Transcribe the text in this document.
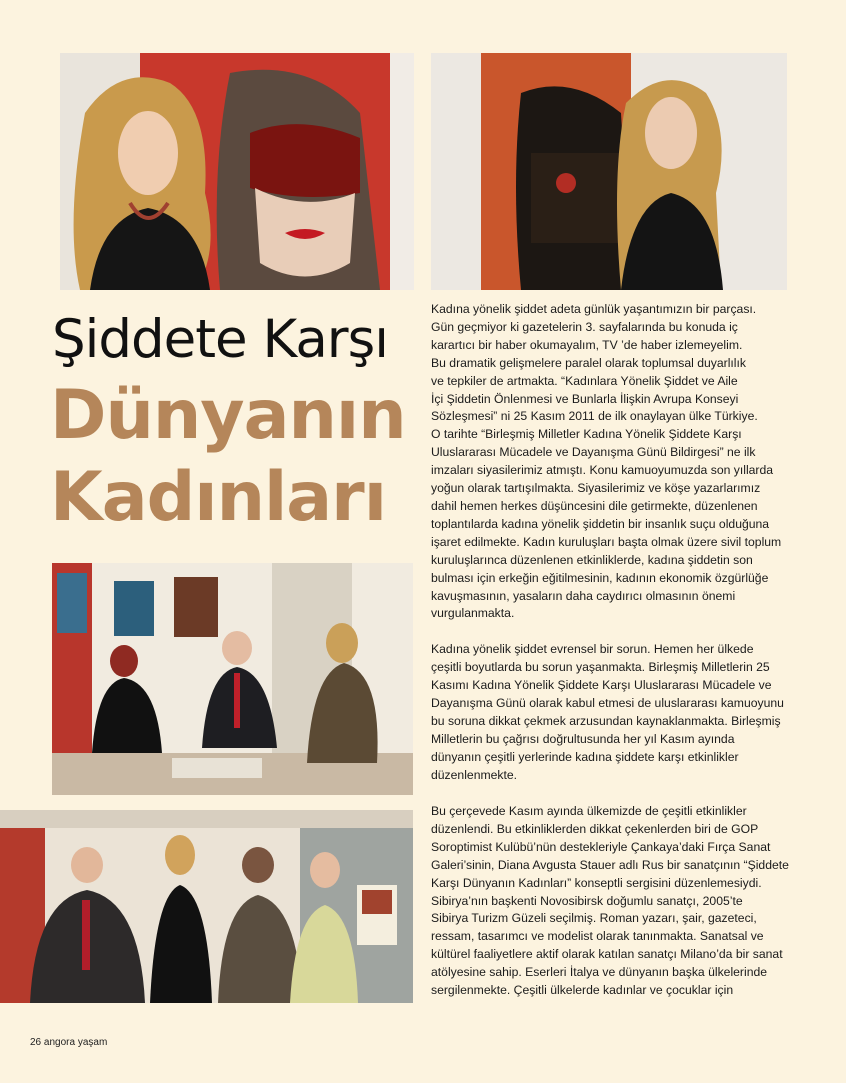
Şiddete Karşı
Dünyanın
Kadınları

Kadına yönelik şiddet adeta günlük yaşantımızın bir parçası.
Gün geçmiyor ki gazetelerin 3. sayfalarında bu konuda iç
karartıcı bir haber okumayalım, TV ’de haber izlemeyelim.
Bu dramatik gelişmelere paralel olarak toplumsal duyarlılık
ve tepkiler de artmakta. “Kadınlara Yönelik Şiddet ve Aile
İçi Şiddetin Önlenmesi ve Bunlarla İlişkin Avrupa Konseyi
Sözleşmesi” ni 25 Kasım 2011 de ilk onaylayan ülke Türkiye.
O tarihte “Birleşmiş Milletler Kadına Yönelik Şiddete Karşı
Uluslararası Mücadele ve Dayanışma Günü Bildirgesi” ne ilk
imzaları siyasilerimiz atmıştı. Konu kamuoyumuzda son yıllarda
yoğun olarak tartışılmakta. Siyasilerimiz ve köşe yazarlarımız
dahil hemen herkes düşüncesini dile getirmekte, düzenlenen
toplantılarda kadına yönelik şiddetin bir insanlık suçu olduğuna
işaret edilmekte. Kadın kuruluşları başta olmak üzere sivil toplum
kuruluşlarınca düzenlenen etkinliklerde, kadına şiddetin son
bulması için erkeğin eğitilmesinin, kadının ekonomik özgürlüğe
kavuşmasının, yasaların daha caydırıcı olmasının önemi
vurgulanmakta.

Kadına yönelik şiddet evrensel bir sorun. Hemen her ülkede
çeşitli boyutlarda bu sorun yaşanmakta. Birleşmiş Milletlerin 25
Kasımı Kadına Yönelik Şiddete Karşı Uluslararası Mücadele ve
Dayanışma Günü olarak kabul etmesi de uluslararası kamuoyunu
bu soruna dikkat çekmek arzusundan kaynaklanmakta. Birleşmiş
Milletlerin bu çağrısı doğrultusunda her yıl Kasım ayında
dünyanın çeşitli yerlerinde kadına şiddete karşı etkinlikler
düzenlenmekte.

Bu çerçevede Kasım ayında ülkemizde de çeşitli etkinlikler
düzenlendi. Bu etkinliklerden dikkat çekenlerden biri de GOP
Soroptimist Kulübü’nün destekleriyle Çankaya’daki Fırça Sanat
Galeri’sinin, Diana Avgusta Stauer adlı Rus bir sanatçının “Şiddete
Karşı Dünyanın Kadınları” konseptli sergisini düzenlemesiydi.
Sibirya’nın başkenti Novosibirsk doğumlu sanatçı, 2005’te
Sibirya Turizm Güzeli seçilmiş. Roman yazarı, şair, gazeteci,
ressam, tasarımcı ve modelist olarak tanınmakta. Sanatsal ve
kültürel faaliyetlere aktif olarak katılan sanatçı Milano’da bir sanat
atölyesine sahip. Eserleri İtalya ve dünyanın başka ülkelerinde
sergilenmekte. Çeşitli ülkelerde kadınlar ve çocuklar için

26 angora yaşam
